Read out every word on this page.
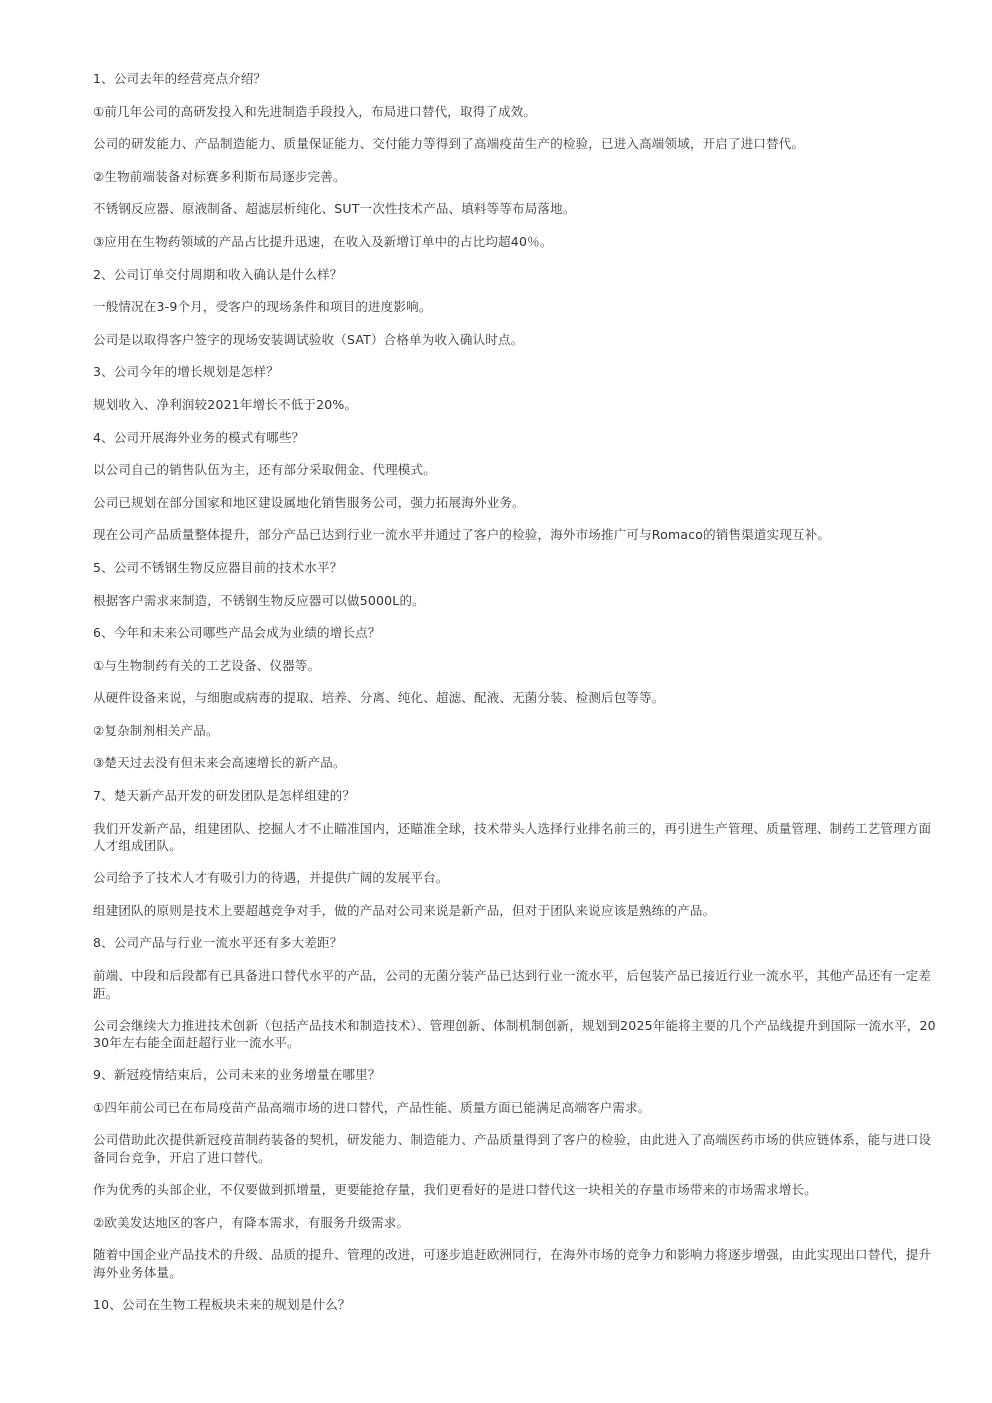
1、公司去年的经营亮点介绍？

①前几年公司的高研发投入和先进制造手段投入，布局进口替代，取得了成效。

公司的研发能力、产品制造能力、质量保证能力、交付能力等得到了高端疫苗生产的检验，已进入高端领域，开启了进口替代。

②生物前端装备对标赛多利斯布局逐步完善。

不锈钢反应器、原液制备、超滤层析纯化、SUT一次性技术产品、填料等等布局落地。

③应用在生物药领域的产品占比提升迅速，在收入及新增订单中的占比均超40％。

2、公司订单交付周期和收入确认是什么样？

一般情况在3-9个月，受客户的现场条件和项目的进度影响。

公司是以取得客户签字的现场安装调试验收（SAT）合格单为收入确认时点。

3、公司今年的增长规划是怎样？

规划收入、净利润较2021年增长不低于20%。

4、公司开展海外业务的模式有哪些？

以公司自己的销售队伍为主，还有部分采取佣金、代理模式。

公司已规划在部分国家和地区建设属地化销售服务公司，强力拓展海外业务。

现在公司产品质量整体提升，部分产品已达到行业一流水平并通过了客户的检验，海外市场推广可与Romaco的销售渠道实现互补。

5、公司不锈钢生物反应器目前的技术水平？

根据客户需求来制造，不锈钢生物反应器可以做5000L的。

6、今年和未来公司哪些产品会成为业绩的增长点？

①与生物制药有关的工艺设备、仪器等。

从硬件设备来说，与细胞或病毒的提取、培养、分离、纯化、超滤、配液、无菌分装、检测后包等等。

②复杂制剂相关产品。

③楚天过去没有但未来会高速增长的新产品。

7、楚天新产品开发的研发团队是怎样组建的？

我们开发新产品，组建团队、挖掘人才不止瞄准国内，还瞄准全球，技术带头人选择行业排名前三的，再引进生产管理、质量管理、制药工艺管理方面人才组成团队。

公司给予了技术人才有吸引力的待遇，并提供广阔的发展平台。

组建团队的原则是技术上要超越竞争对手，做的产品对公司来说是新产品，但对于团队来说应该是熟练的产品。

8、公司产品与行业一流水平还有多大差距？

前端、中段和后段都有已具备进口替代水平的产品，公司的无菌分装产品已达到行业一流水平，后包装产品已接近行业一流水平，其他产品还有一定差距。

公司会继续大力推进技术创新（包括产品技术和制造技术）、管理创新、体制机制创新，规划到2025年能将主要的几个产品线提升到国际一流水平，2030年左右能全面赶超行业一流水平。

9、新冠疫情结束后，公司未来的业务增量在哪里？

①四年前公司已在布局疫苗产品高端市场的进口替代，产品性能、质量方面已能满足高端客户需求。

公司借助此次提供新冠疫苗制药装备的契机，研发能力、制造能力、产品质量得到了客户的检验，由此进入了高端医药市场的供应链体系，能与进口设备同台竞争，开启了进口替代。

作为优秀的头部企业，不仅要做到抓增量，更要能抢存量，我们更看好的是进口替代这一块相关的存量市场带来的市场需求增长。

②欧美发达地区的客户，有降本需求，有服务升级需求。

随着中国企业产品技术的升级、品质的提升、管理的改进，可逐步追赶欧洲同行，在海外市场的竞争力和影响力将逐步增强，由此实现出口替代，提升海外业务体量。

10、公司在生物工程板块未来的规划是什么？
